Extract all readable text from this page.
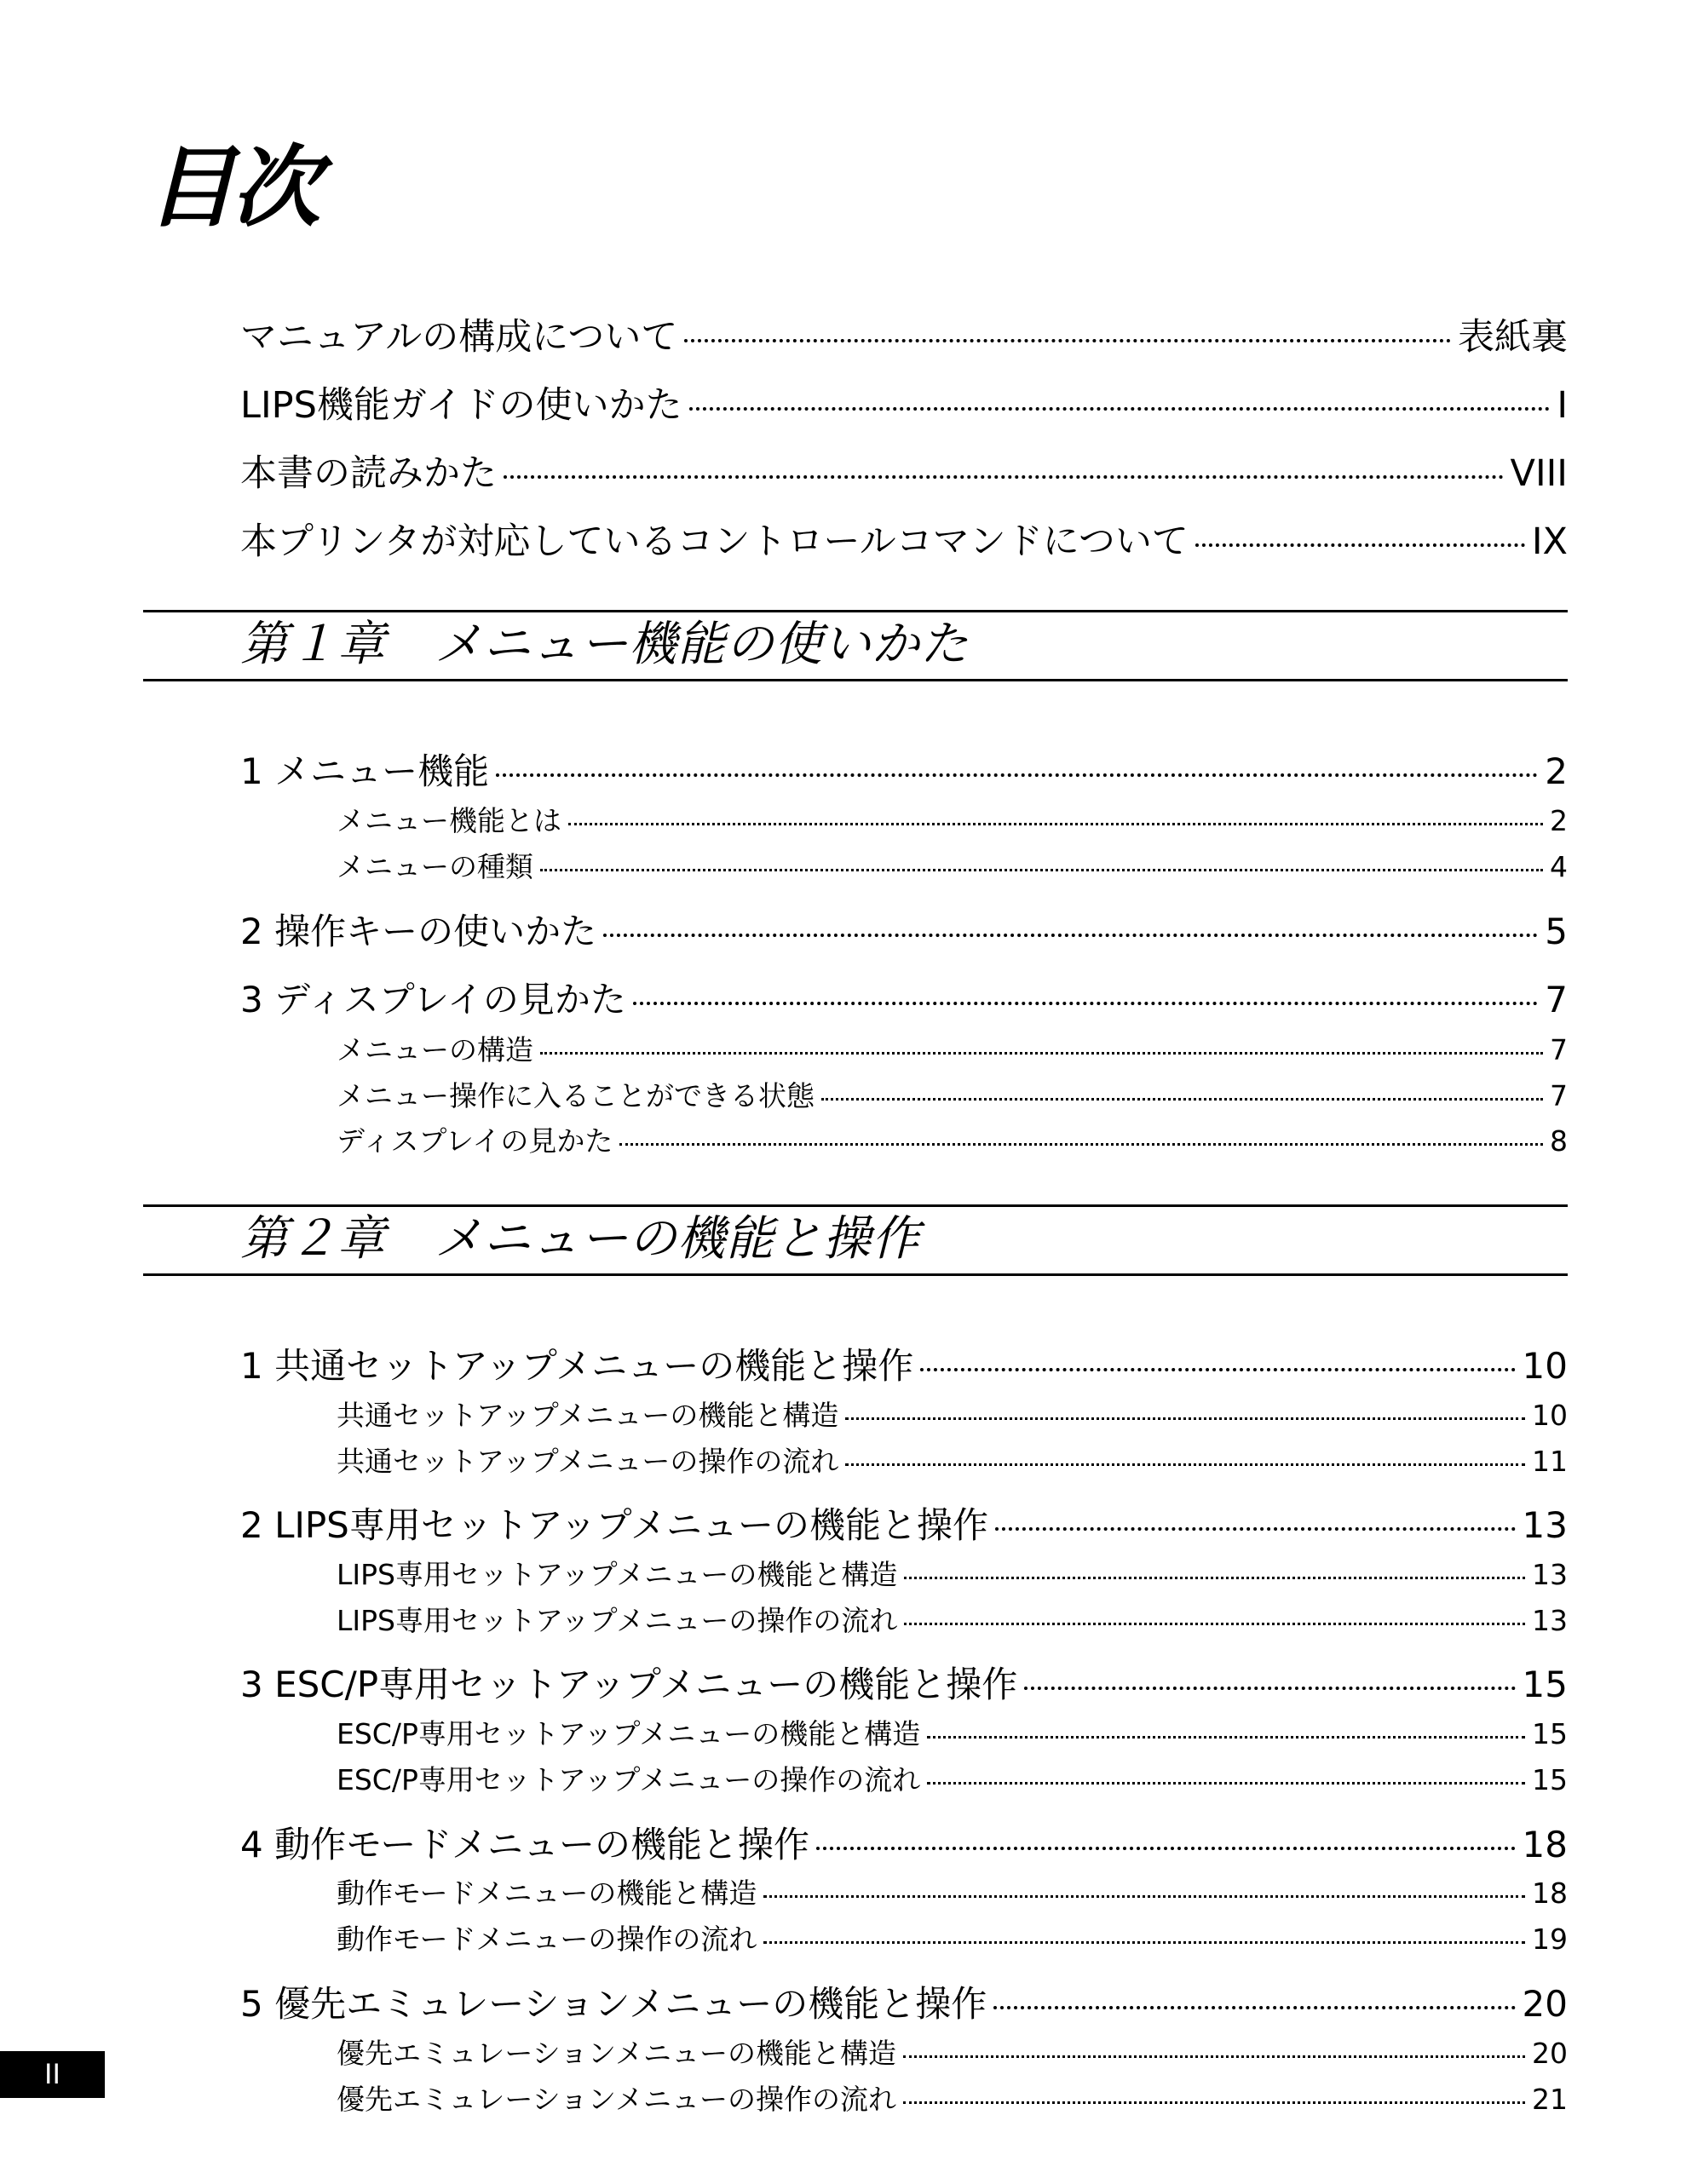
目次
マニュアルの構成について	表紙裏
LIPS機能ガイドの使いかた	I
本書の読みかた	VIII
本プリンタが対応しているコントロールコマンドについて	IX
第１章　メニュー機能の使いかた
1 メニュー機能	2
メニュー機能とは	2
メニューの種類	4
2 操作キーの使いかた	5
3 ディスプレイの見かた	7
メニューの構造	7
メニュー操作に入ることができる状態	7
ディスプレイの見かた	8
第２章　メニューの機能と操作
1 共通セットアップメニューの機能と操作	10
共通セットアップメニューの機能と構造	10
共通セットアップメニューの操作の流れ	11
2 LIPS専用セットアップメニューの機能と操作	13
LIPS専用セットアップメニューの機能と構造	13
LIPS専用セットアップメニューの操作の流れ	13
3 ESC/P専用セットアップメニューの機能と操作	15
ESC/P専用セットアップメニューの機能と構造	15
ESC/P専用セットアップメニューの操作の流れ	15
4 動作モードメニューの機能と操作	18
動作モードメニューの機能と構造	18
動作モードメニューの操作の流れ	19
5 優先エミュレーションメニューの機能と操作	20
優先エミュレーションメニューの機能と構造	20
優先エミュレーションメニューの操作の流れ	21
II
